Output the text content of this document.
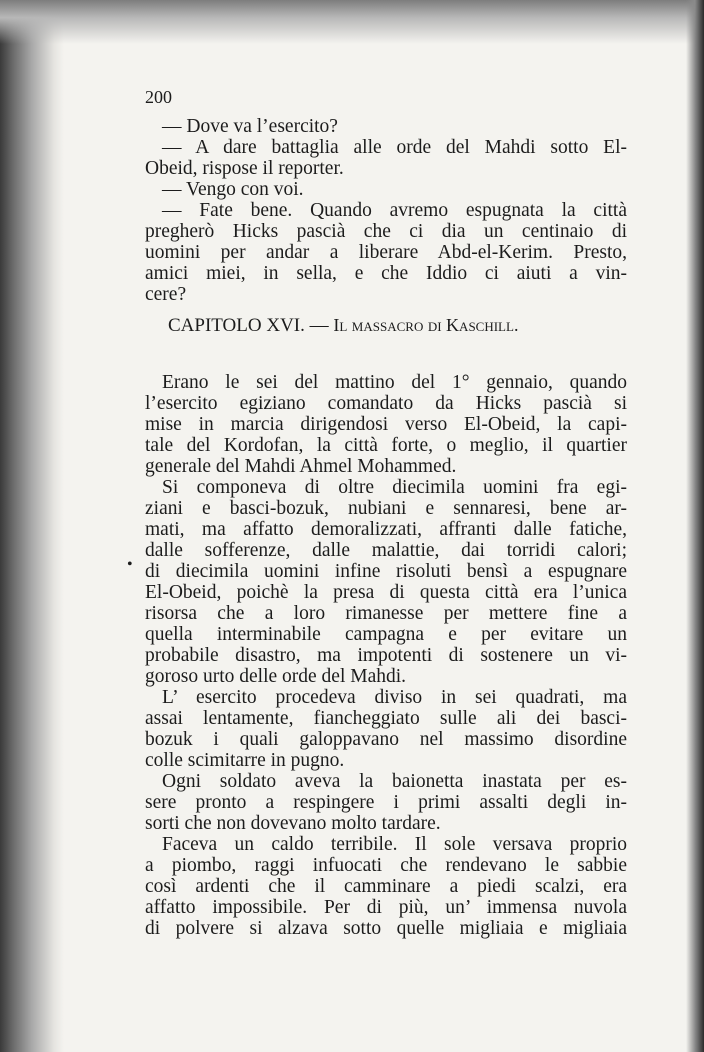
200
— Dove va l’esercito?
— A dare battaglia alle orde del Mahdi sotto El-
Obeid, rispose il reporter.
— Vengo con voi.
— Fate bene. Quando avremo espugnata la città
pregherò Hicks pascià che ci dia un centinaio di
uomini per andar a liberare Abd-el-Kerim. Presto,
amici miei, in sella, e che Iddio ci aiuti a vin-
cere?
CAPITOLO XVI. — Il massacro di Kaschill.
Erano le sei del mattino del 1° gennaio, quando
l’esercito egiziano comandato da Hicks pascià si
mise in marcia dirigendosi verso El-Obeid, la capi-
tale del Kordofan, la città forte, o meglio, il quartier
generale del Mahdi Ahmel Mohammed.
Si componeva di oltre diecimila uomini fra egi-
ziani e basci-bozuk, nubiani e sennaresi, bene ar-
mati, ma affatto demoralizzati, affranti dalle fatiche,
dalle sofferenze, dalle malattie, dai torridi calori;
di diecimila uomini infine risoluti bensì a espugnare
El-Obeid, poichè la presa di questa città era l’unica
risorsa che a loro rimanesse per mettere fine a
quella interminabile campagna e per evitare un
probabile disastro, ma impotenti di sostenere un vi-
goroso urto delle orde del Mahdi.
L’ esercito procedeva diviso in sei quadrati, ma
assai lentamente, fiancheggiato sulle ali dei basci-
bozuk i quali galoppavano nel massimo disordine
colle scimitarre in pugno.
Ogni soldato aveva la baionetta inastata per es-
sere pronto a respingere i primi assalti degli in-
sorti che non dovevano molto tardare.
Faceva un caldo terribile. Il sole versava proprio
a piombo, raggi infuocati che rendevano le sabbie
così ardenti che il camminare a piedi scalzi, era
affatto impossibile. Per di più, un’ immensa nuvola
di polvere si alzava sotto quelle migliaia e migliaia
•
